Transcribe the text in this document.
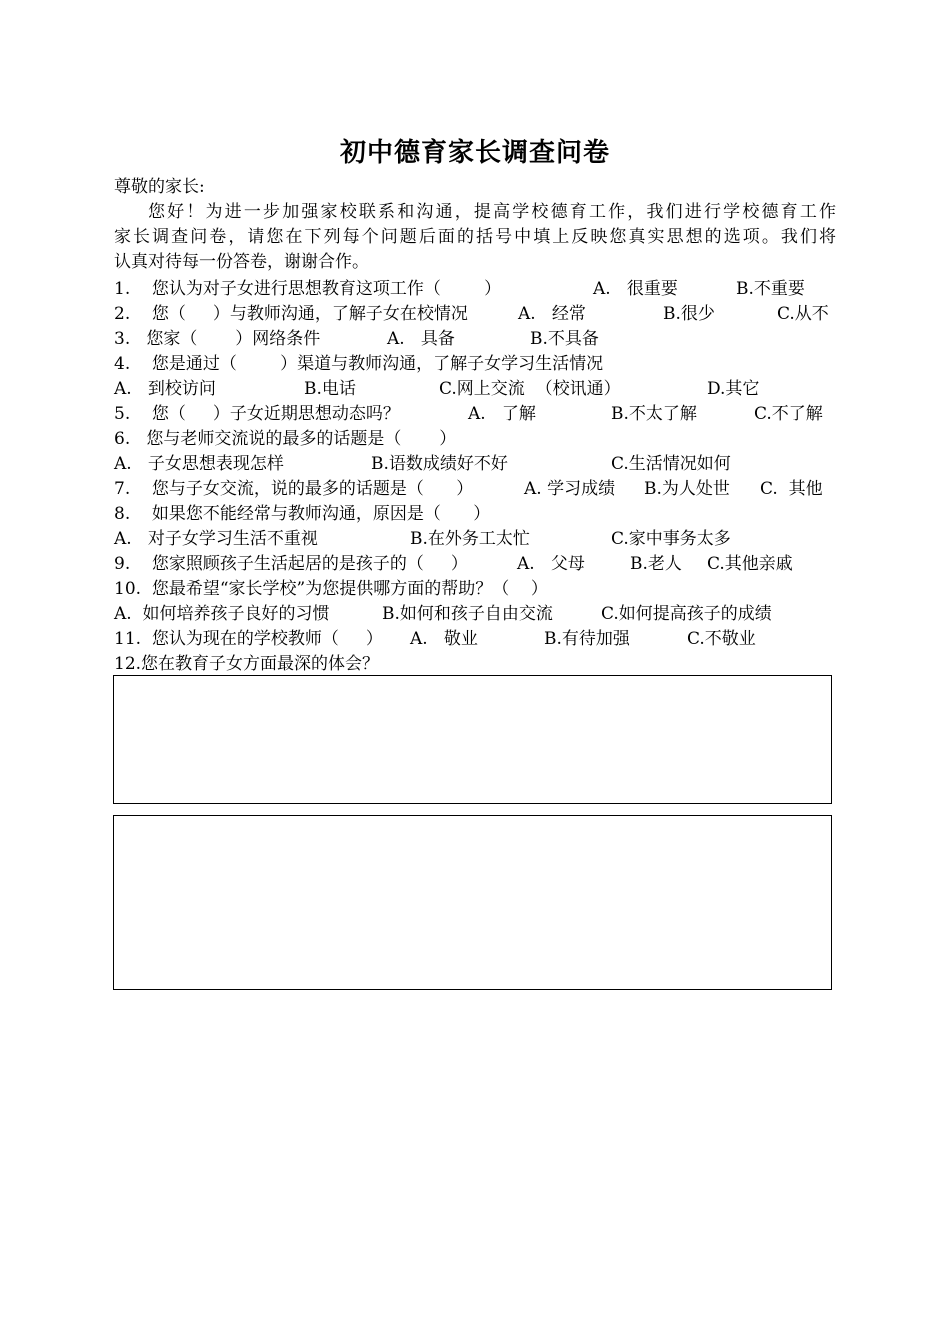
初中德育家长调查问卷
尊敬的家长:
您好！为进一步加强家校联系和沟通，提高学校德育工作，我们进行学校德育工作
家长调查问卷，请您在下列每个问题后面的括号中填上反映您真实思想的选项。我们将
认真对待每一份答卷，谢谢合作。
1.    您认为对子女进行思想教育这项工作（        ）	A.   很重要	B.不重要
2.    您（     ）与教师沟通，了解子女在校情况	A.   经常	B.很少	C.从不
3.   您家（       ）网络条件	A.   具备	B.不具备
4.    您是通过（        ）渠道与教师沟通，了解子女学习生活情况
A.   到校访问	B.电话	C.网上交流  （校讯通）	D.其它
5.    您（     ）子女近期思想动态吗？	A.   了解	B.不太了解	C.不了解
6.   您与老师交流说的最多的话题是（       ）
A.   子女思想表现怎样	B.语数成绩好不好	C.生活情况如何
7.    您与子女交流，说的最多的话题是（      ）	A. 学习成绩 B.为人处世 C.  其他
8.    如果您不能经常与教师沟通，原因是（      ）
A.   对子女学习生活不重视	B.在外务工太忙	C.家中事务太多
9.    您家照顾孩子生活起居的是孩子的（     ）	A.   父母	B.老人 C.其他亲戚
10.  您最希望“家长学校”为您提供哪方面的帮助？（    ）
A.  如何培养孩子良好的习惯	B.如何和孩子自由交流	C.如何提高孩子的成绩
11.  您认为现在的学校教师（     ） A.   敬业	B.有待加强	C.不敬业
12.您在教育子女方面最深的体会？
